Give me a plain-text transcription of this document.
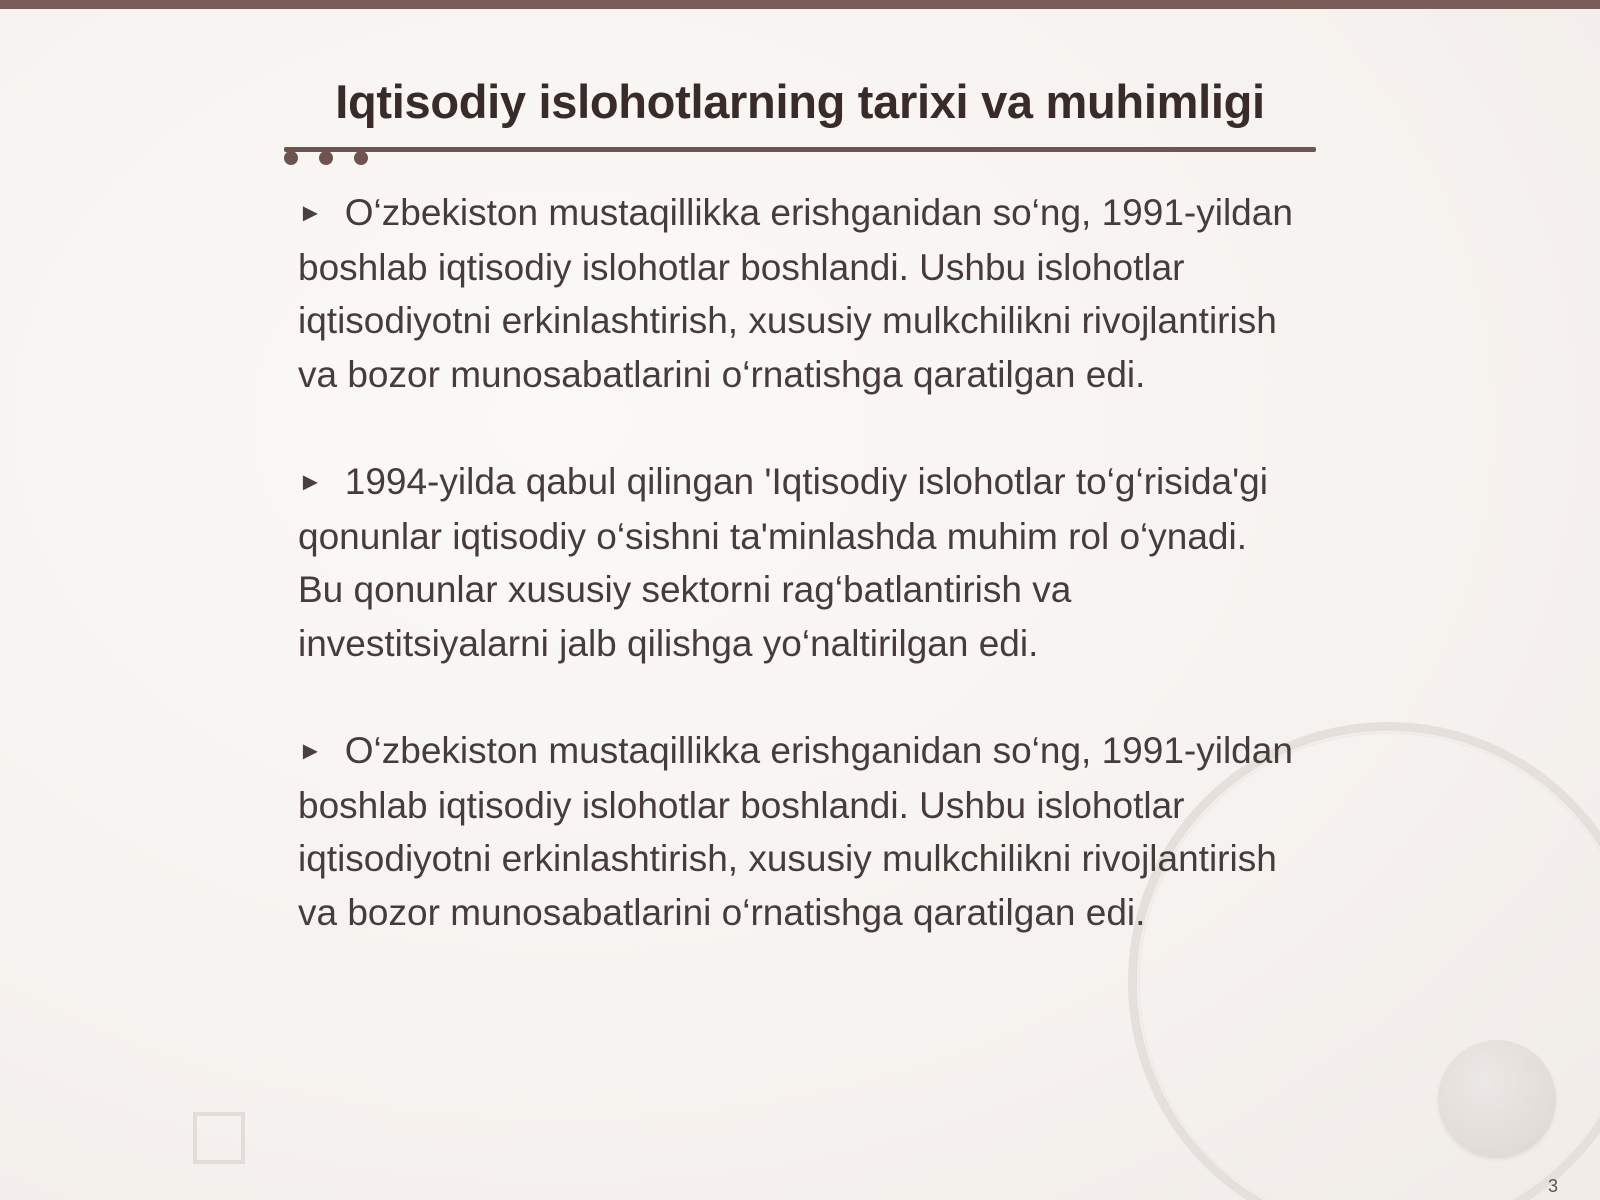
Iqtisodiy islohotlarning tarixi va muhimligi

► O‘zbekiston mustaqillikka erishganidan so‘ng, 1991-yildan boshlab iqtisodiy islohotlar boshlandi. Ushbu islohotlar iqtisodiyotni erkinlashtirish, xususiy mulkchilikni rivojlantirish va bozor munosabatlarini o‘rnatishga qaratilgan edi.

► 1994-yilda qabul qilingan 'Iqtisodiy islohotlar to‘g‘risida'gi qonunlar iqtisodiy o‘sishni ta'minlashda muhim rol o‘ynadi. Bu qonunlar xususiy sektorni rag‘batlantirish va investitsiyalarni jalb qilishga yo‘naltirilgan edi.

► O‘zbekiston mustaqillikka erishganidan so‘ng, 1991-yildan boshlab iqtisodiy islohotlar boshlandi. Ushbu islohotlar iqtisodiyotni erkinlashtirish, xususiy mulkchilikni rivojlantirish va bozor munosabatlarini o‘rnatishga qaratilgan edi.

3
